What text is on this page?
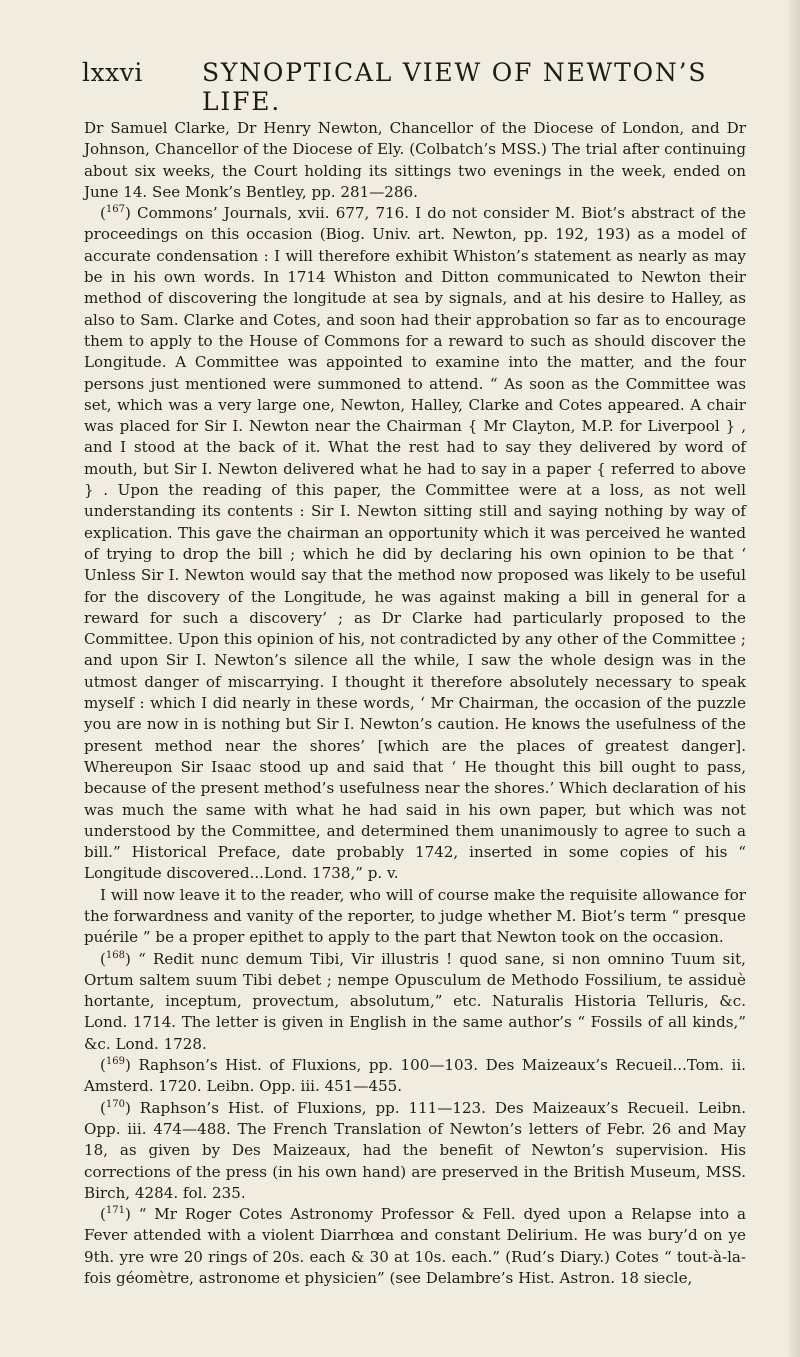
lxxvi SYNOPTICAL VIEW OF NEWTON’S LIFE.

Dr Samuel Clarke, Dr Henry Newton, Chancellor of the Diocese of London, and Dr Johnson, Chancellor of the Diocese of Ely. (Colbatch’s MSS.) The trial after continuing about six weeks, the Court holding its sittings two evenings in the week, ended on June 14. See Monk’s Bentley, pp. 281—286.

($^{167}$) Commons’ Journals, xvii. 677, 716. I do not consider M. Biot’s abstract of the proceedings on this occasion (Biog. Univ. art. Newton, pp. 192, 193) as a model of accurate condensation : I will therefore exhibit Whiston’s statement as nearly as may be in his own words. In 1714 Whiston and Ditton communicated to Newton their method of discovering the longitude at sea by signals, and at his desire to Halley, as also to Sam. Clarke and Cotes, and soon had their approbation so far as to encourage them to apply to the House of Commons for a reward to such as should discover the Longitude. A Committee was appointed to examine into the matter, and the four persons just mentioned were summoned to attend. “ As soon as the Committee was set, which was a very large one, Newton, Halley, Clarke and Cotes appeared. A chair was placed for Sir I. Newton near the Chairman { Mr Clayton, M.P. for Liverpool } , and I stood at the back of it. What the rest had to say they delivered by word of mouth, but Sir I. Newton delivered what he had to say in a paper { referred to above } . Upon the reading of this paper, the Committee were at a loss, as not well understanding its contents : Sir I. Newton sitting still and saying nothing by way of explication. This gave the chairman an opportunity which it was perceived he wanted of trying to drop the bill ; which he did by declaring his own opinion to be that ‘ Unless Sir I. Newton would say that the method now proposed was likely to be useful for the discovery of the Longitude, he was against making a bill in general for a reward for such a discovery’ ; as Dr Clarke had particularly proposed to the Committee. Upon this opinion of his, not contradicted by any other of the Committee ; and upon Sir I. Newton’s silence all the while, I saw the whole design was in the utmost danger of miscarrying. I thought it therefore absolutely necessary to speak myself : which I did nearly in these words, ‘ Mr Chairman, the occasion of the puzzle you are now in is nothing but Sir I. Newton’s caution. He knows the usefulness of the present method near the shores’ [which are the places of greatest danger]. Whereupon Sir Isaac stood up and said that ‘ He thought this bill ought to pass, because of the present method’s usefulness near the shores.’ Which declaration of his was much the same with what he had said in his own paper, but which was not understood by the Committee, and determined them unanimously to agree to such a bill.” Historical Preface, date probably 1742, inserted in some copies of his “ Longitude discovered...Lond. 1738,” p. v.

I will now leave it to the reader, who will of course make the requisite allowance for the forwardness and vanity of the reporter, to judge whether M. Biot’s term “ presque puérile ” be a proper epithet to apply to the part that Newton took on the occasion.

($^{168}$) “ Redit nunc demum Tibi, Vir illustris ! quod sane, si non omnino Tuum sit, Ortum saltem suum Tibi debet ; nempe Opusculum de Methodo Fossilium, te assiduè hortante, inceptum, provectum, absolutum,” etc. Naturalis Historia Telluris, &c. Lond. 1714. The letter is given in English in the same author’s “ Fossils of all kinds,” &c. Lond. 1728.

($^{169}$) Raphson’s Hist. of Fluxions, pp. 100—103. Des Maizeaux’s Recueil...Tom. ii. Amsterd. 1720. Leibn. Opp. iii. 451—455.

($^{170}$) Raphson’s Hist. of Fluxions, pp. 111—123. Des Maizeaux’s Recueil. Leibn. Opp. iii. 474—488. The French Translation of Newton’s letters of Febr. 26 and May 18, as given by Des Maizeaux, had the benefit of Newton’s supervision. His corrections of the press (in his own hand) are preserved in the British Museum, MSS. Birch, 4284. fol. 235.

($^{171}$) “ Mr Roger Cotes Astronomy Professor & Fell. dyed upon a Relapse into a Fever attended with a violent Diarrhœa and constant Delirium. He was bury’d on ye 9th. yre wre 20 rings of 20s. each & 30 at 10s. each.” (Rud’s Diary.) Cotes “ tout-à-la-fois géomètre, astronome et physicien” (see Delambre’s Hist. Astron. 18 siecle,
